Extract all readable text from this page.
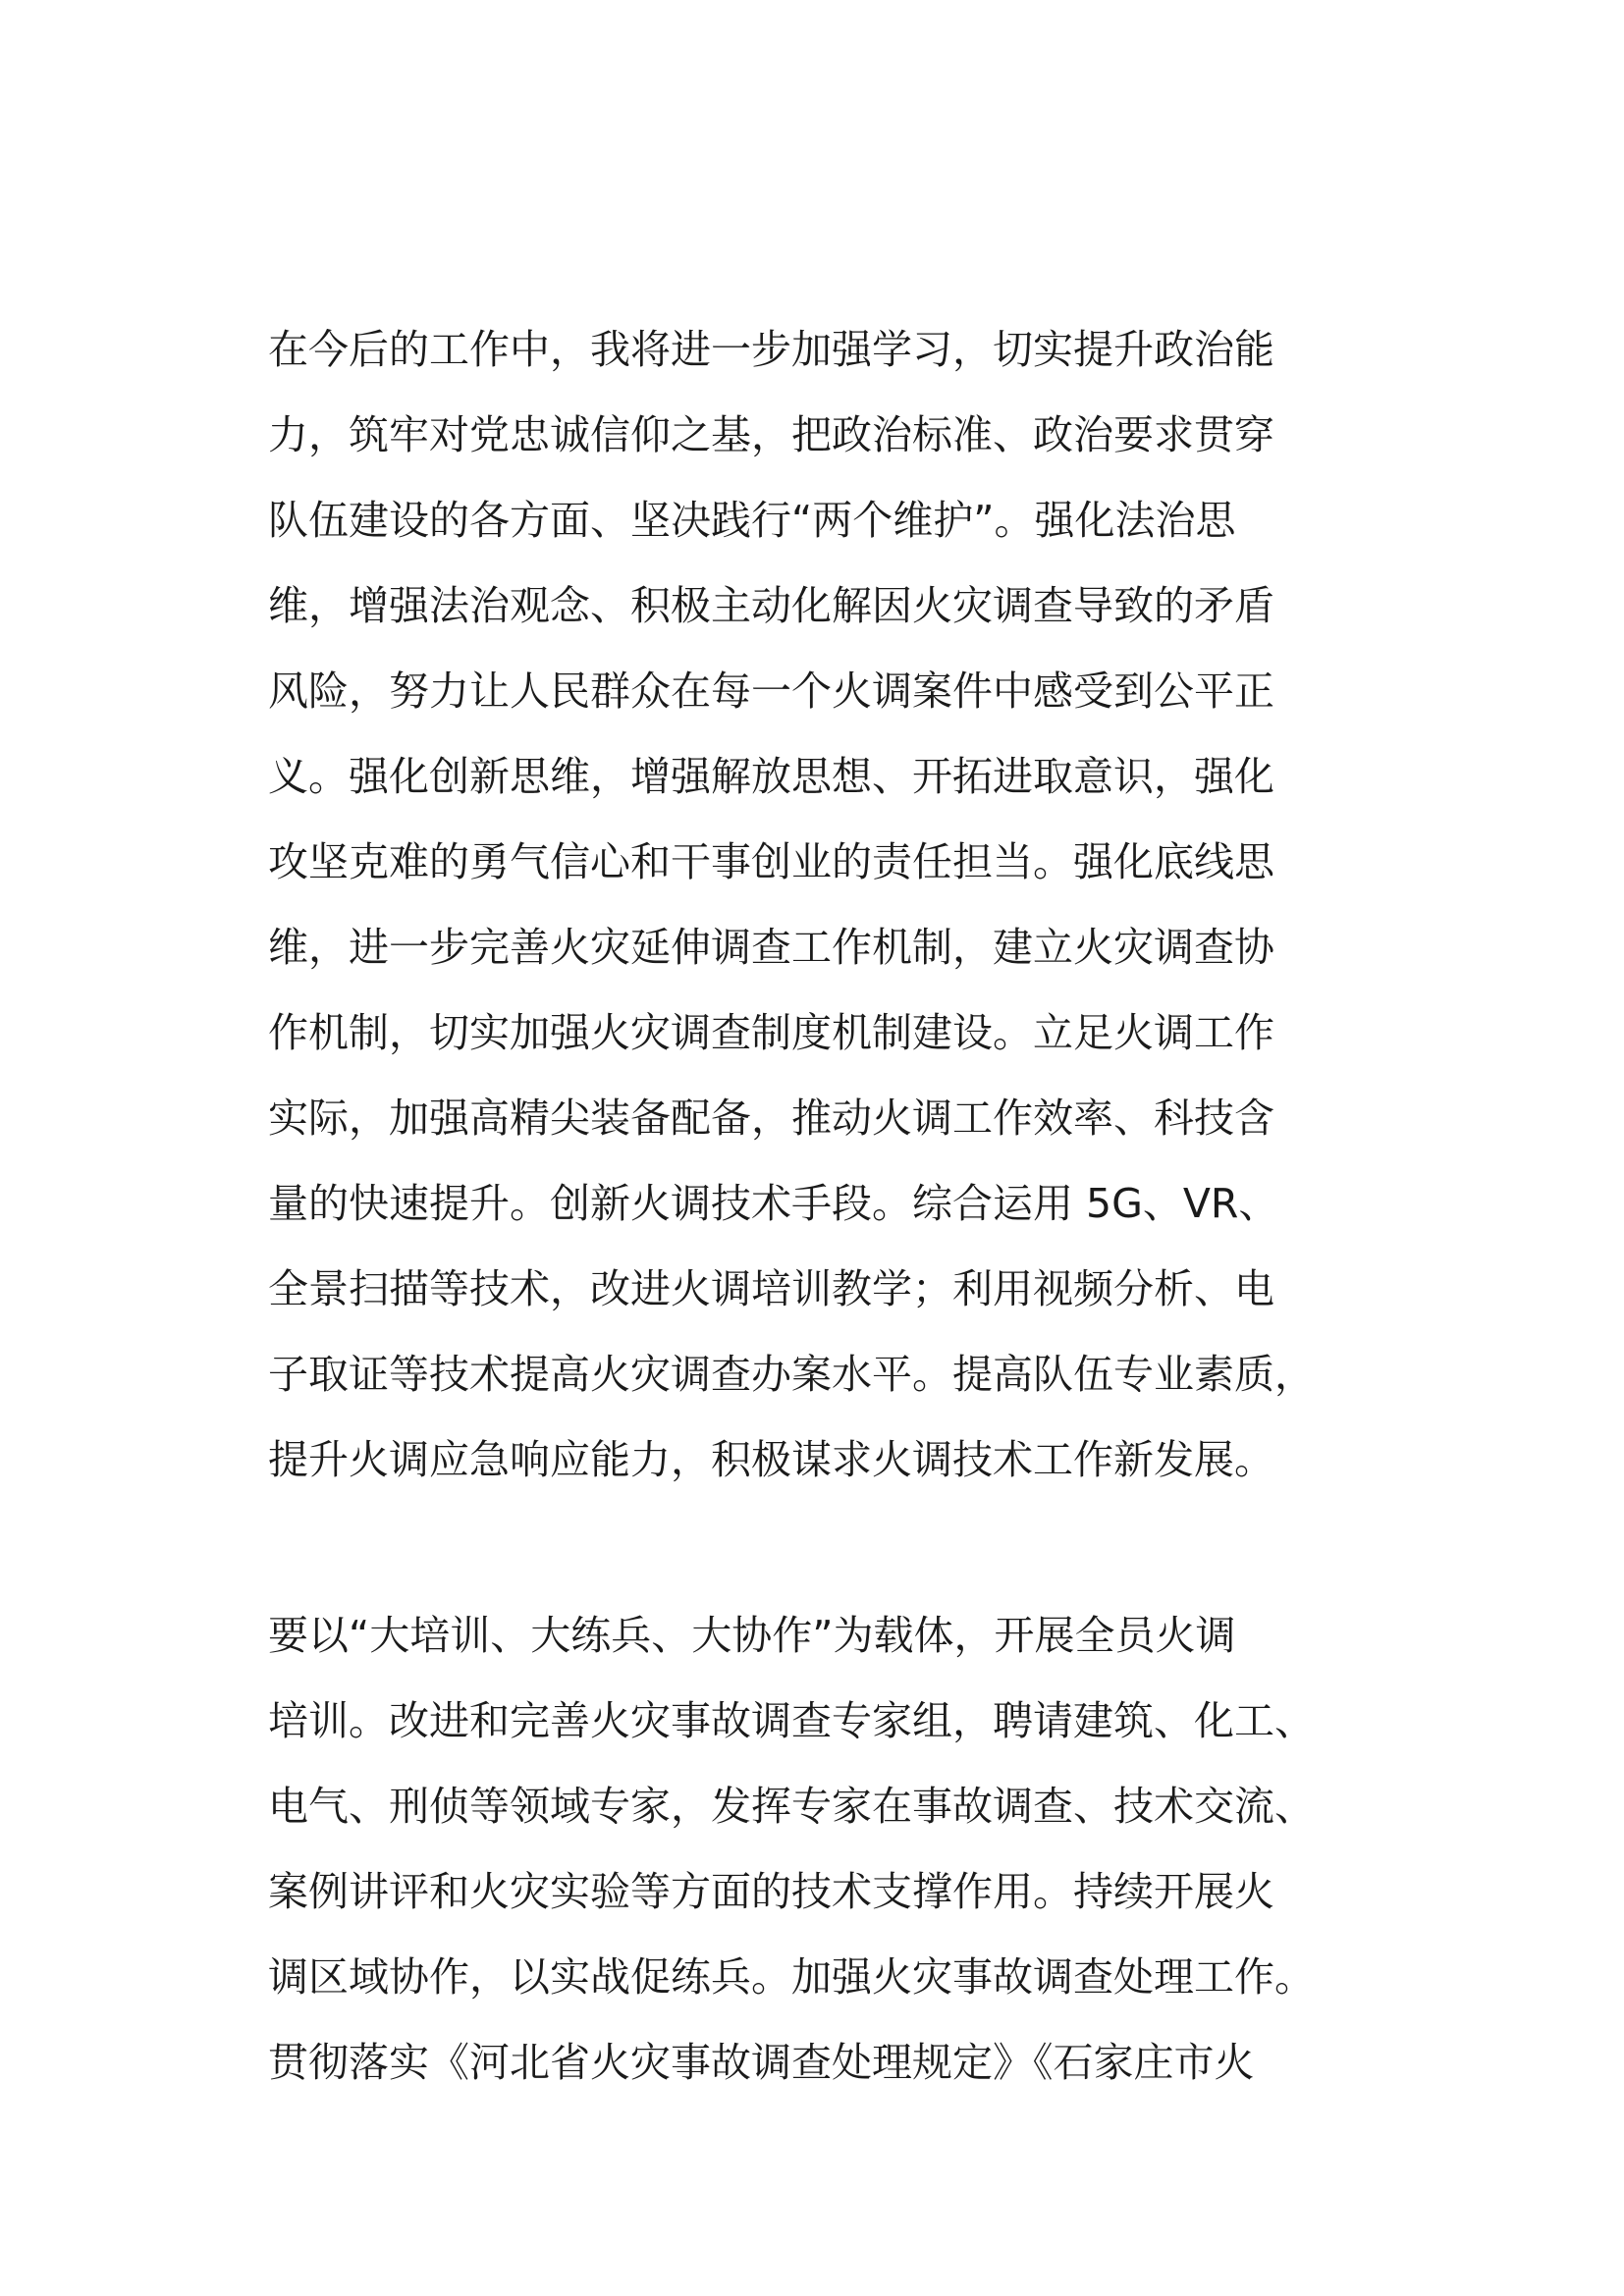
在今后的工作中，我将进一步加强学习，切实提升政治能
力，筑牢对党忠诚信仰之基，把政治标准、政治要求贯穿
队伍建设的各方面、坚决践行“两个维护”。强化法治思
维，增强法治观念、积极主动化解因火灾调查导致的矛盾
风险，努力让人民群众在每一个火调案件中感受到公平正
义。强化创新思维，增强解放思想、开拓进取意识，强化
攻坚克难的勇气信心和干事创业的责任担当。强化底线思
维，进一步完善火灾延伸调查工作机制，建立火灾调查协
作机制，切实加强火灾调查制度机制建设。立足火调工作
实际，加强高精尖装备配备，推动火调工作效率、科技含
量的快速提升。创新火调技术手段。综合运用 5G、VR、
全景扫描等技术，改进火调培训教学；利用视频分析、电
子取证等技术提高火灾调查办案水平。提高队伍专业素质，
提升火调应急响应能力，积极谋求火调技术工作新发展。
要以“大培训、大练兵、大协作”为载体，开展全员火调
培训。改进和完善火灾事故调查专家组，聘请建筑、化工、
电气、刑侦等领域专家，发挥专家在事故调查、技术交流、
案例讲评和火灾实验等方面的技术支撑作用。持续开展火
调区域协作，以实战促练兵。加强火灾事故调查处理工作。
贯彻落实《河北省火灾事故调查处理规定》《石家庄市火
